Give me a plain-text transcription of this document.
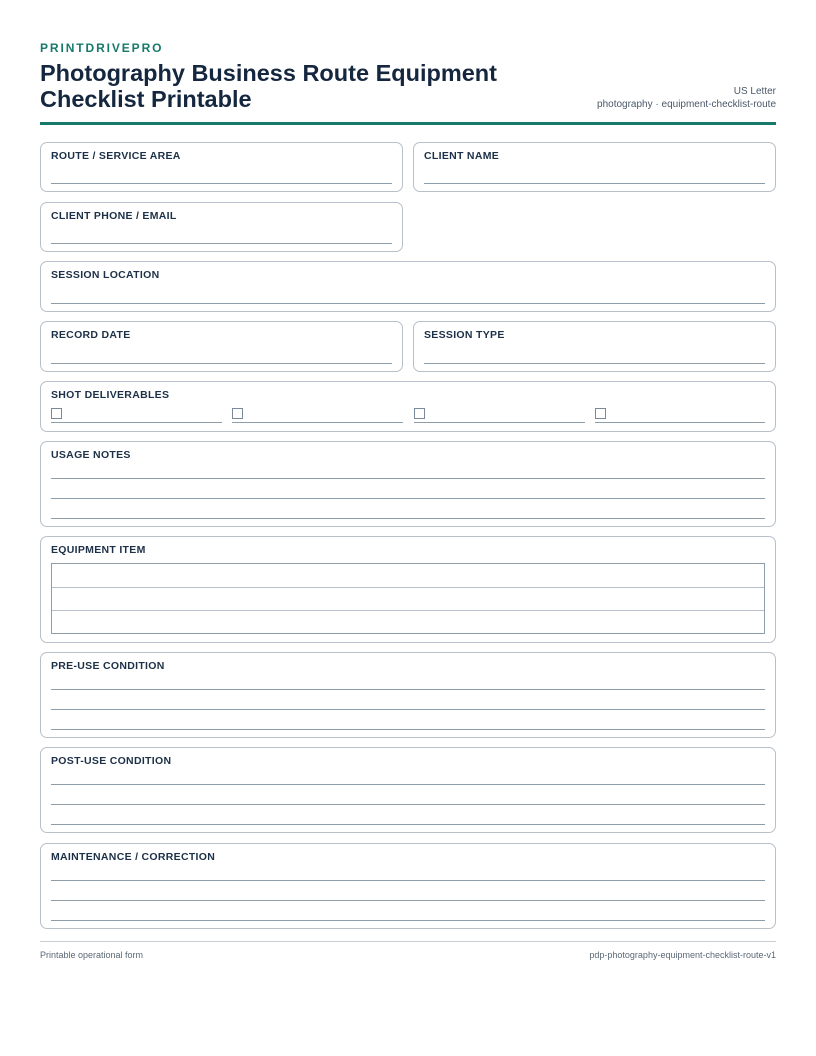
PRINTDRIVEPRO
Photography Business Route Equipment Checklist Printable	US Letter
photography · equipment-checklist-route
ROUTE / SERVICE AREA	CLIENT NAME
CLIENT PHONE / EMAIL
SESSION LOCATION
RECORD DATE	SESSION TYPE
SHOT DELIVERABLES
USAGE NOTES
EQUIPMENT ITEM
PRE-USE CONDITION
POST-USE CONDITION
MAINTENANCE / CORRECTION
Printable operational form	pdp-photography-equipment-checklist-route-v1
